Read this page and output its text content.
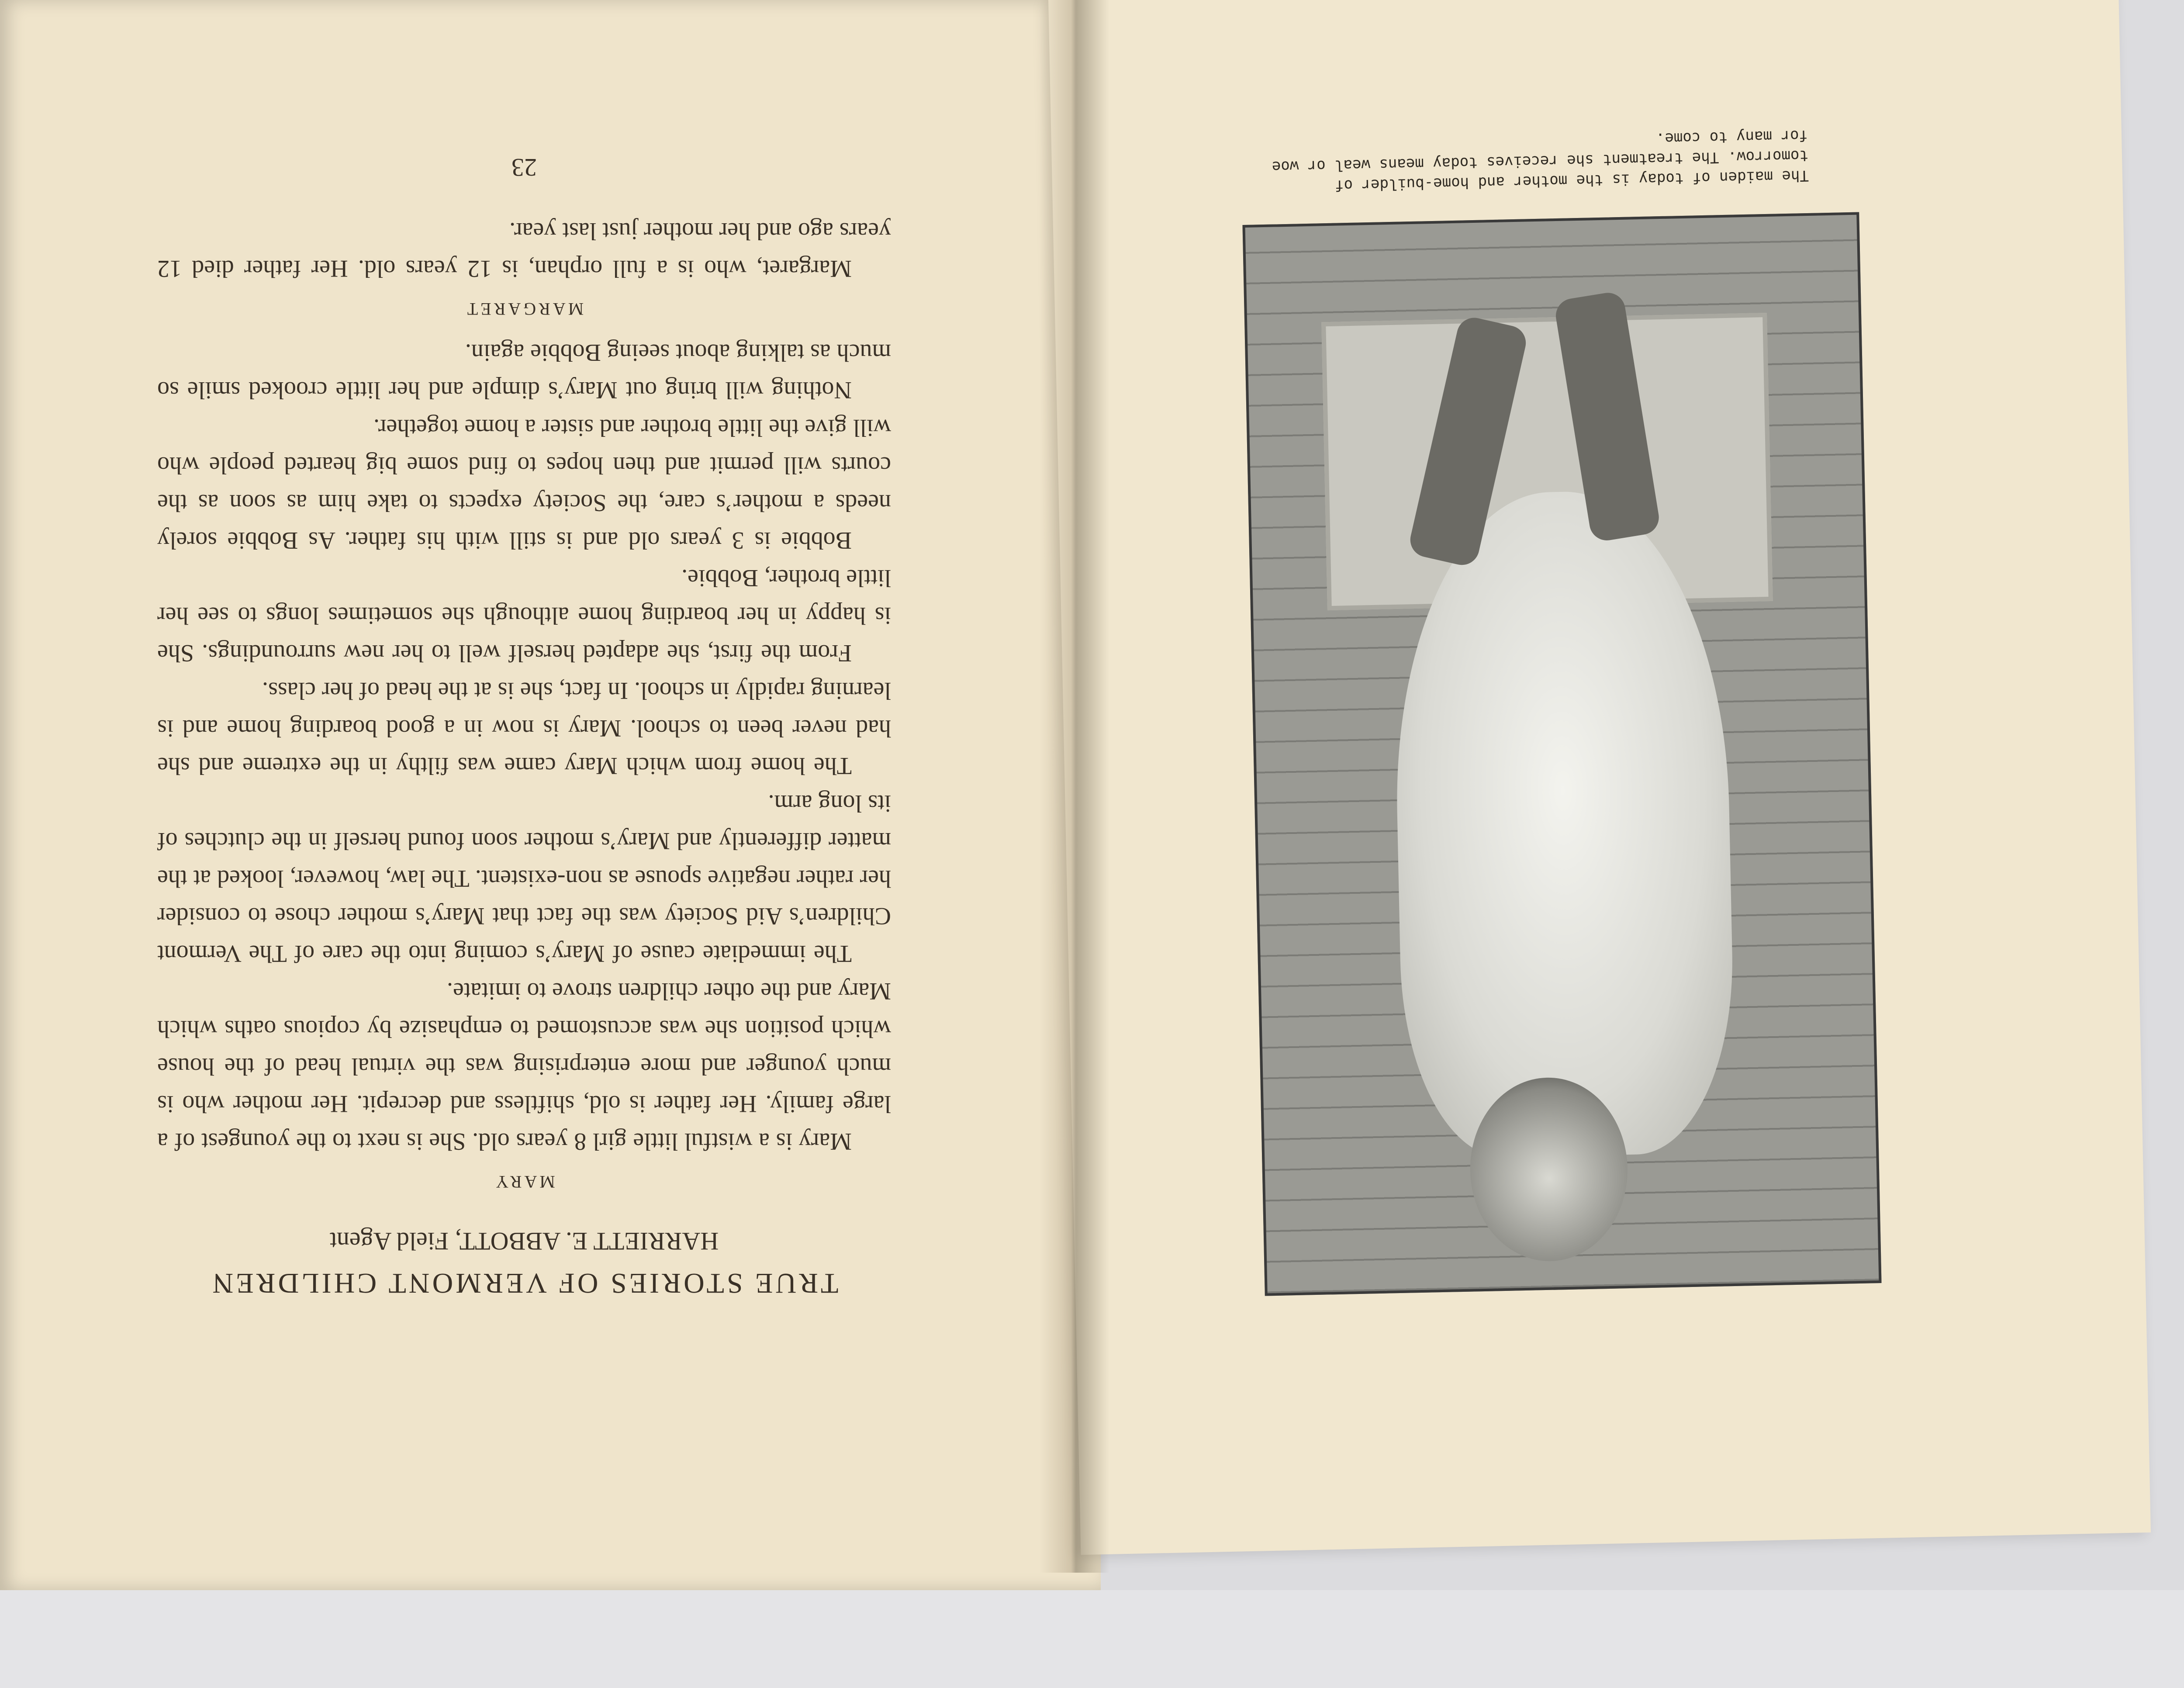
TRUE STORIES OF VERMONT CHILDREN
HARRIETT E. ABBOTT, Field Agent
MARY

Mary is a wistful little girl 8 years old. She is next to the youngest of a large family. Her father is old, shiftless and decrepit. Her mother who is much younger and more enterprising was the virtual head of the house which position she was accustomed to emphasize by copious oaths which Mary and the other children strove to imitate.

The immediate cause of Mary’s coming into the care of The Vermont Children’s Aid Society was the fact that Mary’s mother chose to consider her rather negative spouse as non-existent. The law, however, looked at the matter differently and Mary’s mother soon found herself in the clutches of its long arm.

The home from which Mary came was filthy in the extreme and she had never been to school. Mary is now in a good boarding home and is learning rapidly in school. In fact, she is at the head of her class.

From the first, she adapted herself well to her new surroundings. She is happy in her boarding home although she sometimes longs to see her little brother, Bobbie.

Bobbie is 3 years old and is still with his father. As Bobbie sorely needs a mother’s care, the Society expects to take him as soon as the courts will permit and then hopes to find some big hearted people who will give the little brother and sister a home together.

Nothing will bring out Mary’s dimple and her little crooked smile so much as talking about seeing Bobbie again.

MARGARET

Margaret, who is a full orphan, is 12 years old. Her father died 12 years ago and her mother just last year.

23	The maiden of today is the mother and home-builder of tomorrow. The treatment she receives today means weal or woe for many to come.
